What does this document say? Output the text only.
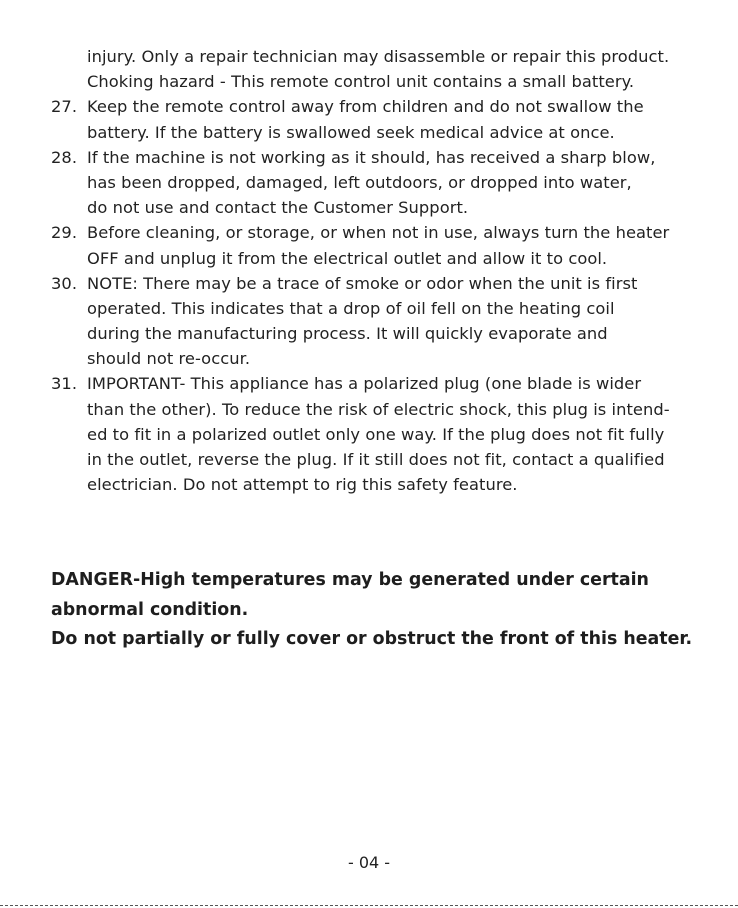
injury. Only a repair technician may disassemble or repair this product.
Choking hazard - This remote control unit contains a small battery.
27. Keep the remote control away from children and do not swallow the
battery. If the battery is swallowed seek medical advice at once.
28. If the machine is not working as it should, has received a sharp blow,
has been dropped, damaged, left outdoors, or dropped into water,
do not use and contact the Customer Support.
29. Before cleaning, or storage, or when not in use, always turn the heater
OFF and unplug it from the electrical outlet and allow it to cool.
30. NOTE: There may be a trace of smoke or odor when the unit is first
operated. This indicates that a drop of oil fell on the heating coil
during the manufacturing process. It will quickly evaporate and
should not re-occur.
31. IMPORTANT- This appliance has a polarized plug (one blade is wider
than the other). To reduce the risk of electric shock, this plug is intend-
ed to fit in a polarized outlet only one way. If the plug does not fit fully
in the outlet, reverse the plug. If it still does not fit, contact a qualified
electrician. Do not attempt to rig this safety feature.
DANGER-High temperatures may be generated under certain
abnormal condition.
Do not partially or fully cover or obstruct the front of this heater.
- 04 -
